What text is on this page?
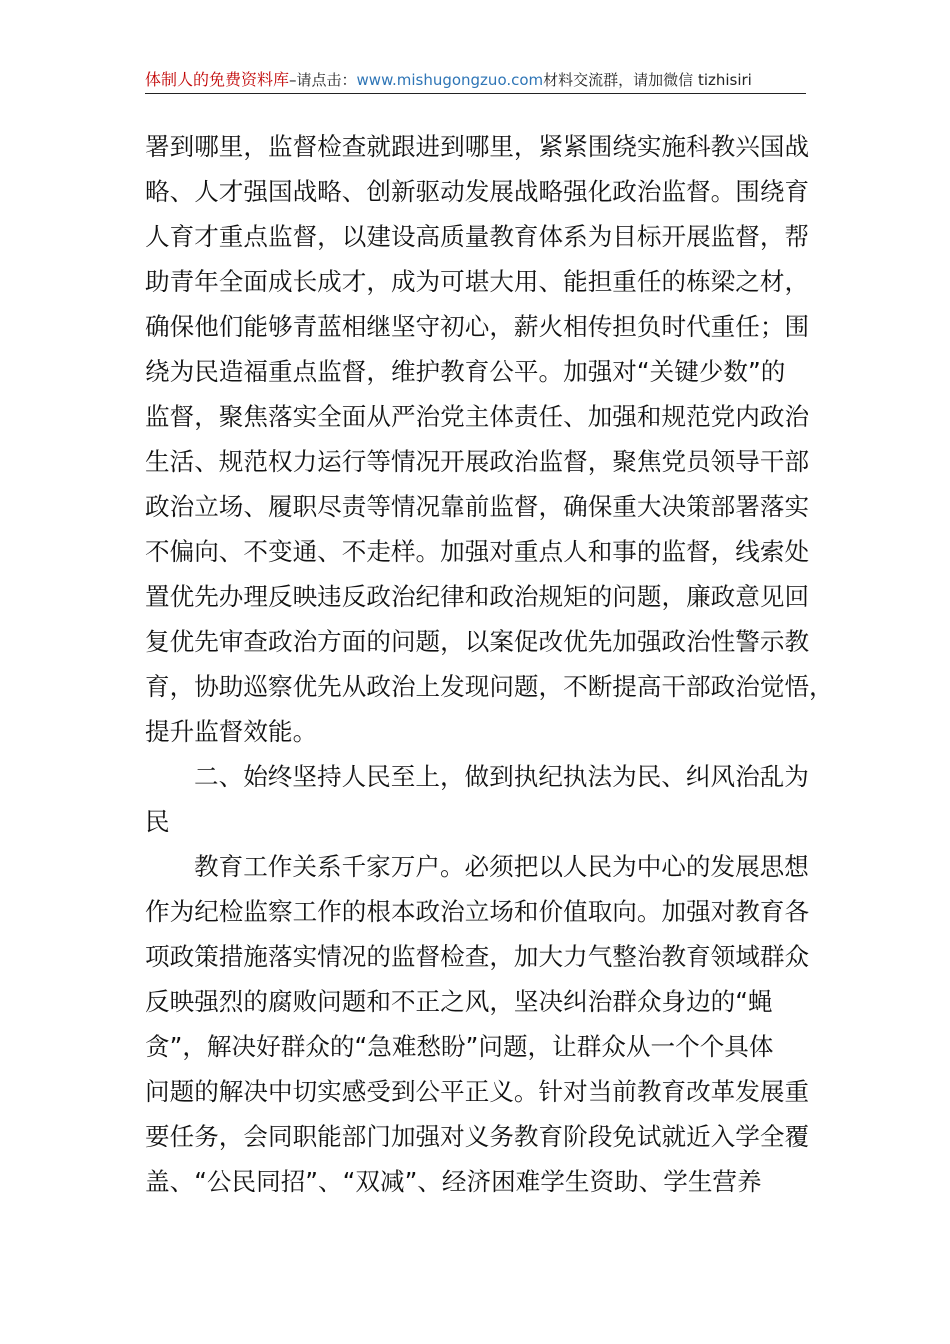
体制人的免费资料库–请点击：www.mishugongzuo.com材料交流群，请加微信 tizhisiri
署到哪里，监督检查就跟进到哪里，紧紧围绕实施科教兴国战
略、人才强国战略、创新驱动发展战略强化政治监督。围绕育
人育才重点监督，以建设高质量教育体系为目标开展监督，帮
助青年全面成长成才，成为可堪大用、能担重任的栋梁之材，
确保他们能够青蓝相继坚守初心，薪火相传担负时代重任；围
绕为民造福重点监督，维护教育公平。加强对“关键少数”的
监督，聚焦落实全面从严治党主体责任、加强和规范党内政治
生活、规范权力运行等情况开展政治监督，聚焦党员领导干部
政治立场、履职尽责等情况靠前监督，确保重大决策部署落实
不偏向、不变通、不走样。加强对重点人和事的监督，线索处
置优先办理反映违反政治纪律和政治规矩的问题，廉政意见回
复优先审查政治方面的问题，以案促改优先加强政治性警示教
育，协助巡察优先从政治上发现问题，不断提高干部政治觉悟，
提升监督效能。
二、始终坚持人民至上，做到执纪执法为民、纠风治乱为
民
教育工作关系千家万户。必须把以人民为中心的发展思想
作为纪检监察工作的根本政治立场和价值取向。加强对教育各
项政策措施落实情况的监督检查，加大力气整治教育领域群众
反映强烈的腐败问题和不正之风，坚决纠治群众身边的“蝇
贪”，解决好群众的“急难愁盼”问题，让群众从一个个具体
问题的解决中切实感受到公平正义。针对当前教育改革发展重
要任务，会同职能部门加强对义务教育阶段免试就近入学全覆
盖、“公民同招”、“双减”、经济困难学生资助、学生营养
